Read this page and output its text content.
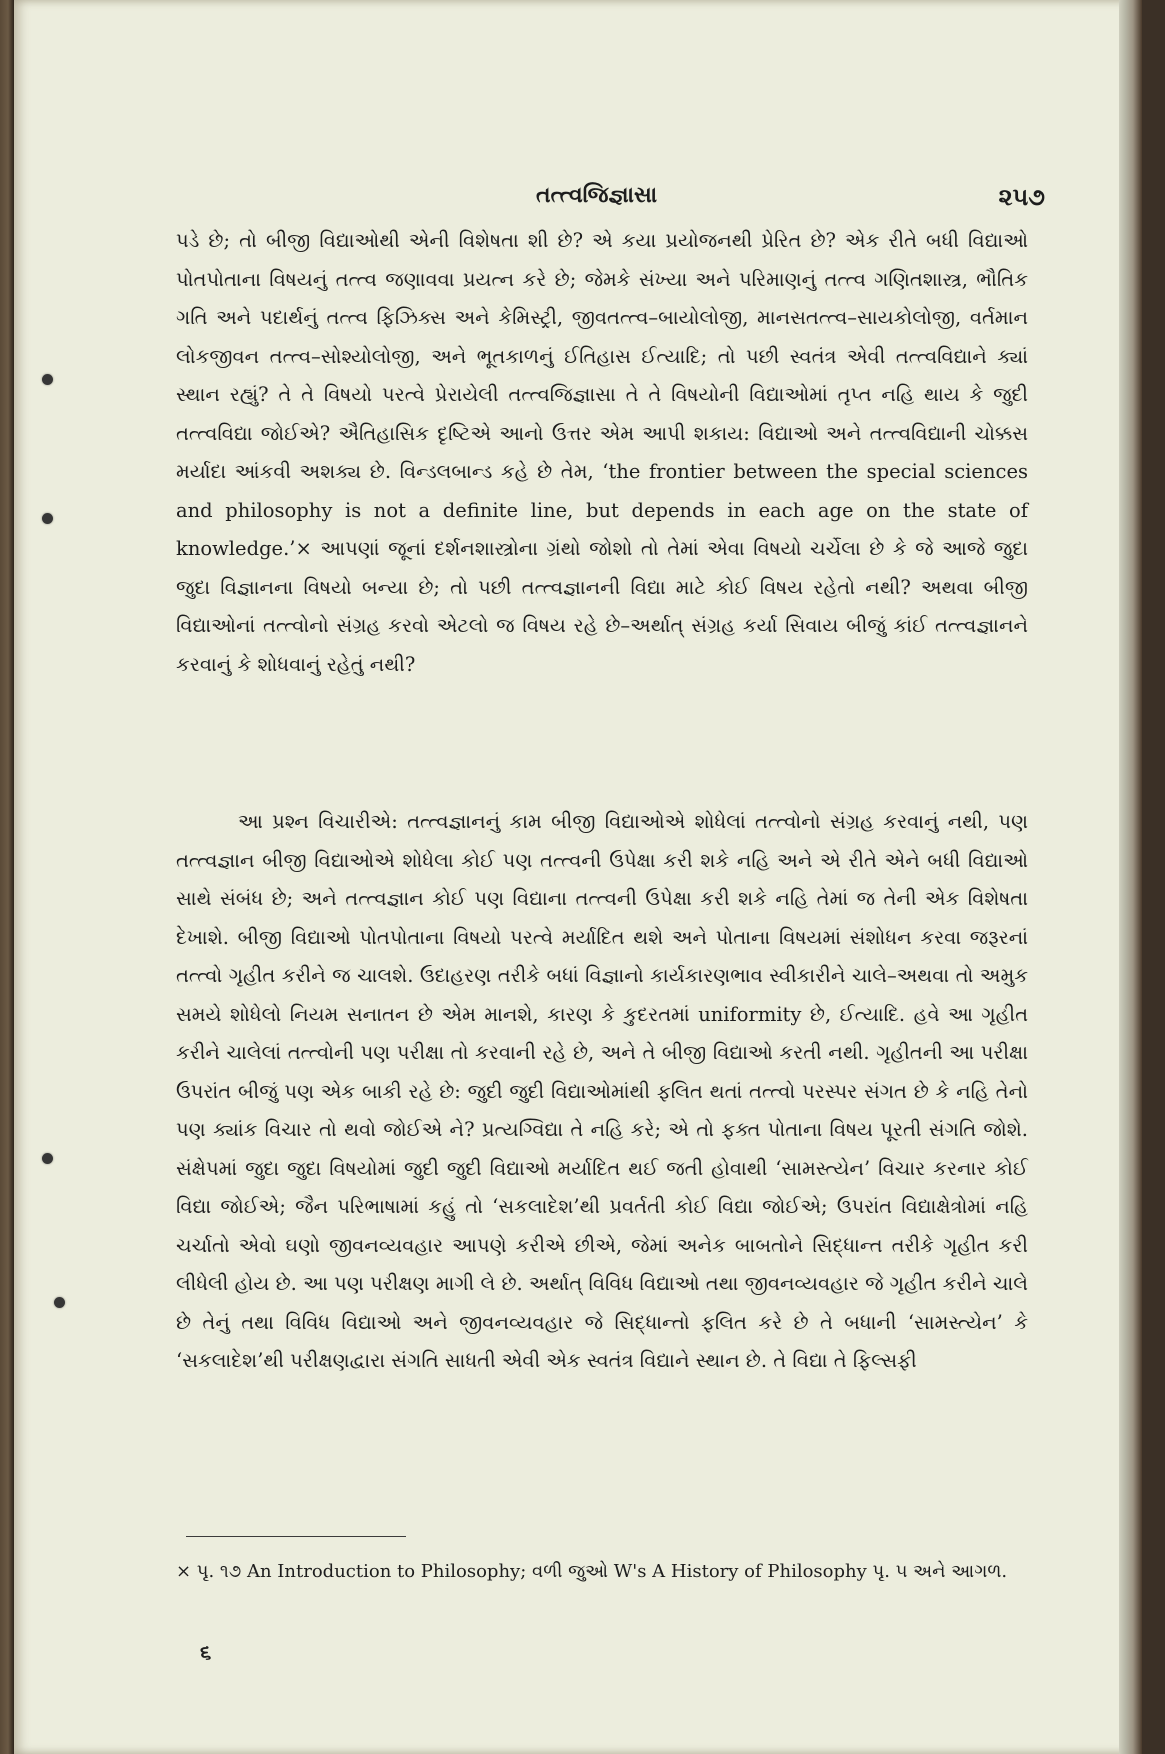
તત્ત્વજિજ્ઞાસા	૨૫૭
પડે છે; તો બીજી વિદ્યાઓથી એની વિશેષતા શી છે? એ કયા પ્રયોજનથી પ્રેરિત છે? એક રીતે બધી વિદ્યાઓ પોતપોતાના વિષયનું તત્ત્વ જણાવવા પ્રયત્ન કરે છે; જેમકે સંખ્યા અને પરિમાણનું તત્ત્વ ગણિતશાસ્ત્ર, ભૌતિક ગતિ અને પદાર્થનું તત્ત્વ ફિઝિક્સ અને કેમિસ્ટ્રી, જીવતત્ત્વ–બાયોલોજી, માનસતત્ત્વ–સાયકોલોજી, વર્તમાન લોકજીવન તત્ત્વ–સોશ્યોલોજી, અને ભૂતકાળનું ઈતિહાસ ઈત્યાદિ; તો પછી સ્વતંત્ર એવી તત્ત્વવિદ્યાને ક્યાં સ્થાન રહ્યું? તે તે વિષયો પરત્વે પ્રેરાયેલી તત્ત્વજિજ્ઞાસા તે તે વિષયોની વિદ્યાઓમાં તૃપ્ત નહિ થાય કે જુદી તત્ત્વવિદ્યા જોઈએ? ઐતિહાસિક દૃષ્ટિએ આનો ઉત્તર એમ આપી શકાય: વિદ્યાઓ અને તત્ત્વવિદ્યાની ચોક્કસ મર્યાદા આંકવી અશક્ય છે. વિન્ડલબાન્ડ કહે છે તેમ, ‘the frontier between the special sciences and philosophy is not a definite line, but depends in each age on the state of knowledge.’× આપણાં જૂનાં દર્શનશાસ્ત્રોના ગ્રંથો જોશો તો તેમાં એવા વિષયો ચર્ચેલા છે કે જે આજે જુદા જુદા વિજ્ઞાનના વિષયો બન્યા છે; તો પછી તત્ત્વજ્ઞાનની વિદ્યા માટે કોઈ વિષય રહેતો નથી? અથવા બીજી વિદ્યાઓનાં તત્ત્વોનો સંગ્રહ કરવો એટલો જ વિષય રહે છે–અર્થાત્ સંગ્રહ કર્યા સિવાય બીજું કાંઈ તત્ત્વજ્ઞાનને કરવાનું કે શોધવાનું રહેતું નથી?
આ પ્રશ્ન વિચારીએ: તત્ત્વજ્ઞાનનું કામ બીજી વિદ્યાઓએ શોધેલાં તત્ત્વોનો સંગ્રહ કરવાનું નથી, પણ તત્ત્વજ્ઞાન બીજી વિદ્યાઓએ શોધેલા કોઈ પણ તત્ત્વની ઉપેક્ષા કરી શકે નહિ અને એ રીતે એને બધી વિદ્યાઓ સાથે સંબંધ છે; અને તત્ત્વજ્ઞાન કોઈ પણ વિદ્યાના તત્ત્વની ઉપેક્ષા કરી શકે નહિ તેમાં જ તેની એક વિશેષતા દેખાશે. બીજી વિદ્યાઓ પોતપોતાના વિષયો પરત્વે મર્યાદિત થશે અને પોતાના વિષયમાં સંશોધન કરવા જરૂરનાં તત્ત્વો ગૃહીત કરીને જ ચાલશે. ઉદાહરણ તરીકે બધાં વિજ્ઞાનો કાર્યકારણભાવ સ્વીકારીને ચાલે–અથવા તો અમુક સમયે શોધેલો નિયમ સનાતન છે એમ માનશે, કારણ કે કુદરતમાં uniformity છે, ઈત્યાદિ. હવે આ ગૃહીત કરીને ચાલેલાં તત્ત્વોની પણ પરીક્ષા તો કરવાની રહે છે, અને તે બીજી વિદ્યાઓ કરતી નથી. ગૃહીતની આ પરીક્ષા ઉપરાંત બીજું પણ એક બાકી રહે છે: જુદી જુદી વિદ્યાઓમાંથી ફલિત થતાં તત્ત્વો પરસ્પર સંગત છે કે નહિ તેનો પણ ક્યાંક વિચાર તો થવો જોઈએ ને? પ્રત્યગ્વિદ્યા તે નહિ કરે; એ તો ફક્ત પોતાના વિષય પૂરતી સંગતિ જોશે. સંક્ષેપમાં જુદા જુદા વિષયોમાં જુદી જુદી વિદ્યાઓ મર્યાદિત થઈ જતી હોવાથી ‘સામસ્ત્યેન’ વિચાર કરનાર કોઈ વિદ્યા જોઈએ; જૈન પરિભાષામાં કહું તો ‘સકલાદેશ’થી પ્રવર્તતી કોઈ વિદ્યા જોઈએ; ઉપરાંત વિદ્યાક્ષેત્રોમાં નહિ ચર્ચાતો એવો ઘણો જીવનવ્યવહાર આપણે કરીએ છીએ, જેમાં અનેક બાબતોને સિદ્ધાન્ત તરીકે ગૃહીત કરી લીધેલી હોય છે. આ પણ પરીક્ષણ માગી લે છે. અર્થાત્ વિવિધ વિદ્યાઓ તથા જીવનવ્યવહાર જે ગૃહીત કરીને ચાલે છે તેનું તથા વિવિધ વિદ્યાઓ અને જીવનવ્યવહાર જે સિદ્ધાન્તો ફલિત કરે છે તે બધાની ‘સામસ્ત્યેન’ કે ‘સકલાદેશ’થી પરીક્ષણદ્વારા સંગતિ સાધતી એવી એક સ્વતંત્ર વિદ્યાને સ્થાન છે. તે વિદ્યા તે ફિલ્સફી
× પૃ. ૧૭ An Introduction to Philosophy; વળી જુઓ W's A History of Philosophy પૃ. ૫ અને આગળ.
૬
